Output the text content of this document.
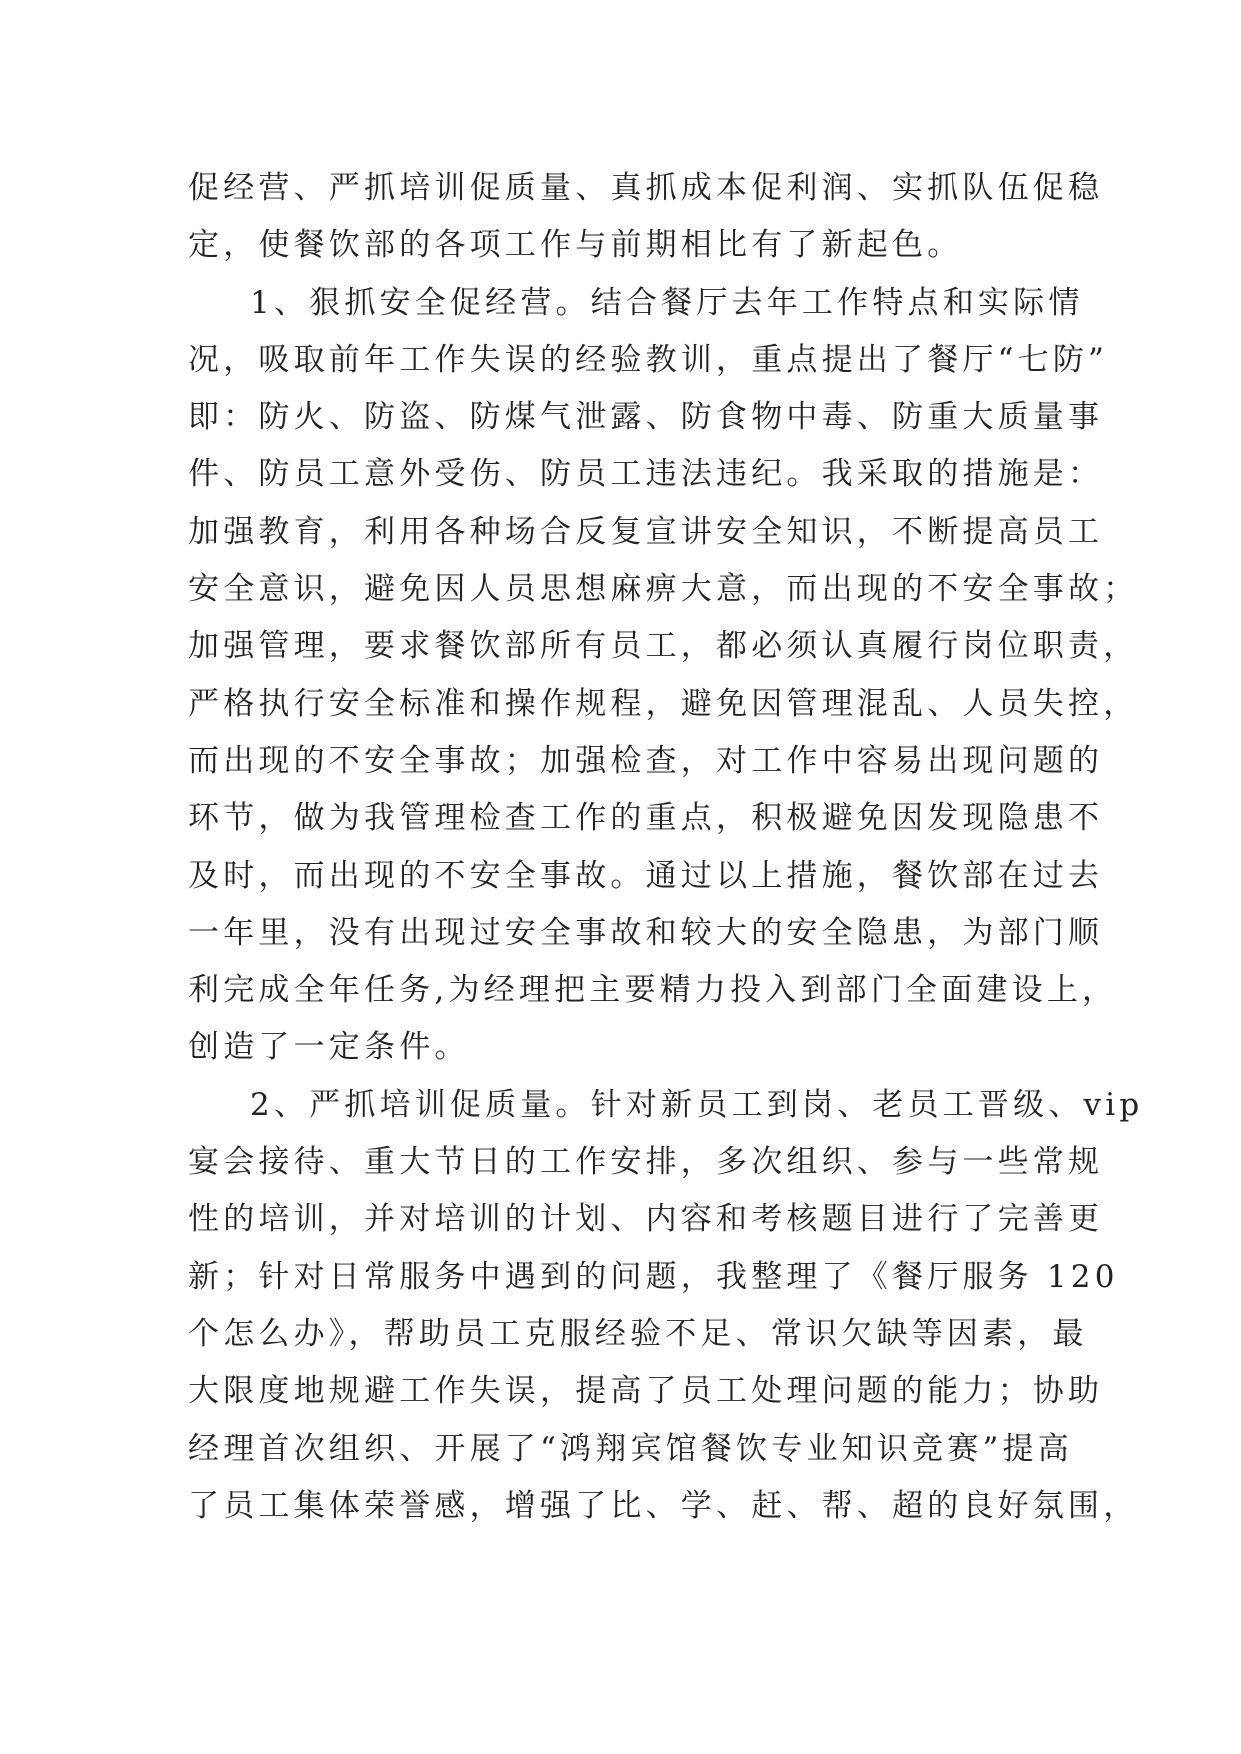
促经营、严抓培训促质量、真抓成本促利润、实抓队伍促稳
定，使餐饮部的各项工作与前期相比有了新起色。
1、狠抓安全促经营。结合餐厅去年工作特点和实际情
况，吸取前年工作失误的经验教训，重点提出了餐厅“七防”
即：防火、防盗、防煤气泄露、防食物中毒、防重大质量事
件、防员工意外受伤、防员工违法违纪。我采取的措施是：
加强教育，利用各种场合反复宣讲安全知识，不断提高员工
安全意识，避免因人员思想麻痹大意，而出现的不安全事故；
加强管理，要求餐饮部所有员工，都必须认真履行岗位职责，
严格执行安全标准和操作规程，避免因管理混乱、人员失控，
而出现的不安全事故；加强检查，对工作中容易出现问题的
环节，做为我管理检查工作的重点，积极避免因发现隐患不
及时，而出现的不安全事故。通过以上措施，餐饮部在过去
一年里，没有出现过安全事故和较大的安全隐患，为部门顺
利完成全年任务,为经理把主要精力投入到部门全面建设上，
创造了一定条件。
2、严抓培训促质量。针对新员工到岗、老员工晋级、vip
宴会接待、重大节日的工作安排，多次组织、参与一些常规
性的培训，并对培训的计划、内容和考核题目进行了完善更
新；针对日常服务中遇到的问题，我整理了《餐厅服务 120
个怎么办》，帮助员工克服经验不足、常识欠缺等因素，最
大限度地规避工作失误，提高了员工处理问题的能力；协助
经理首次组织、开展了“鸿翔宾馆餐饮专业知识竞赛”提高
了员工集体荣誉感，增强了比、学、赶、帮、超的良好氛围，
